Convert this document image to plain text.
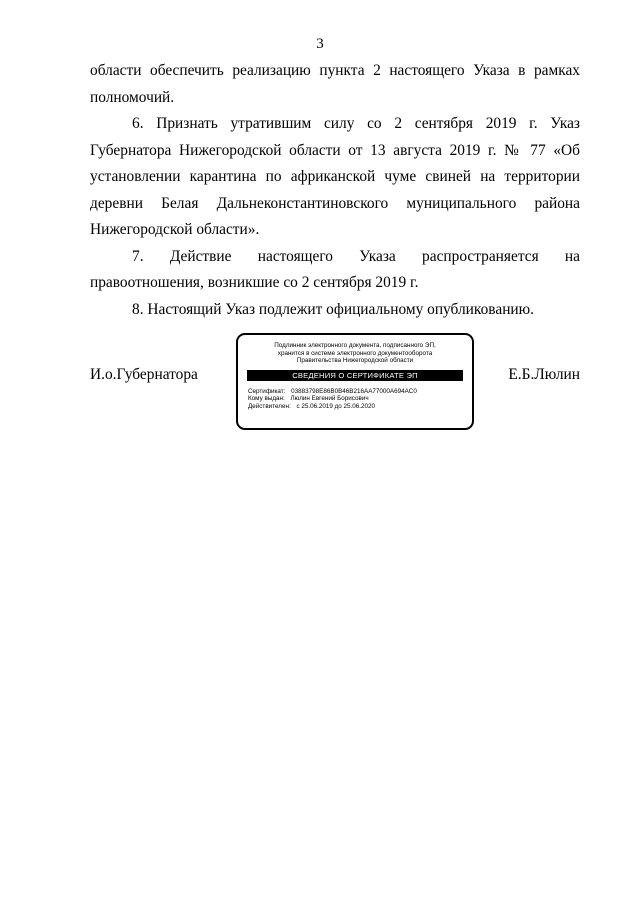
3

области обеспечить реализацию пункта 2 настоящего Указа в рамках полномочий.

6. Признать утратившим силу со 2 сентября 2019 г. Указ Губернатора Нижегородской области от 13 августа 2019 г. № 77 «Об установлении карантина по африканской чуме свиней на территории деревни Белая Дальнеконстантиновского муниципального района Нижегородской области».

7. Действие настоящего Указа распространяется на правоотношения, возникшие со 2 сентября 2019 г.

8. Настоящий Указ подлежит официальному опубликованию.

И.о.Губернатора
Подлинник электронного документа, подписанного ЭП,
хранится в системе электронного документооборота
Правительства Нижегородской области
СВЕДЕНИЯ О СЕРТИФИКАТЕ ЭП
Сертификат: 03883798E86B0B46B216AA77000A694AC0
Кому выдан: Люлин Евгений Борисович
Действителен: с 25.06.2019 до 25.06.2020
Е.Б.Люлин
